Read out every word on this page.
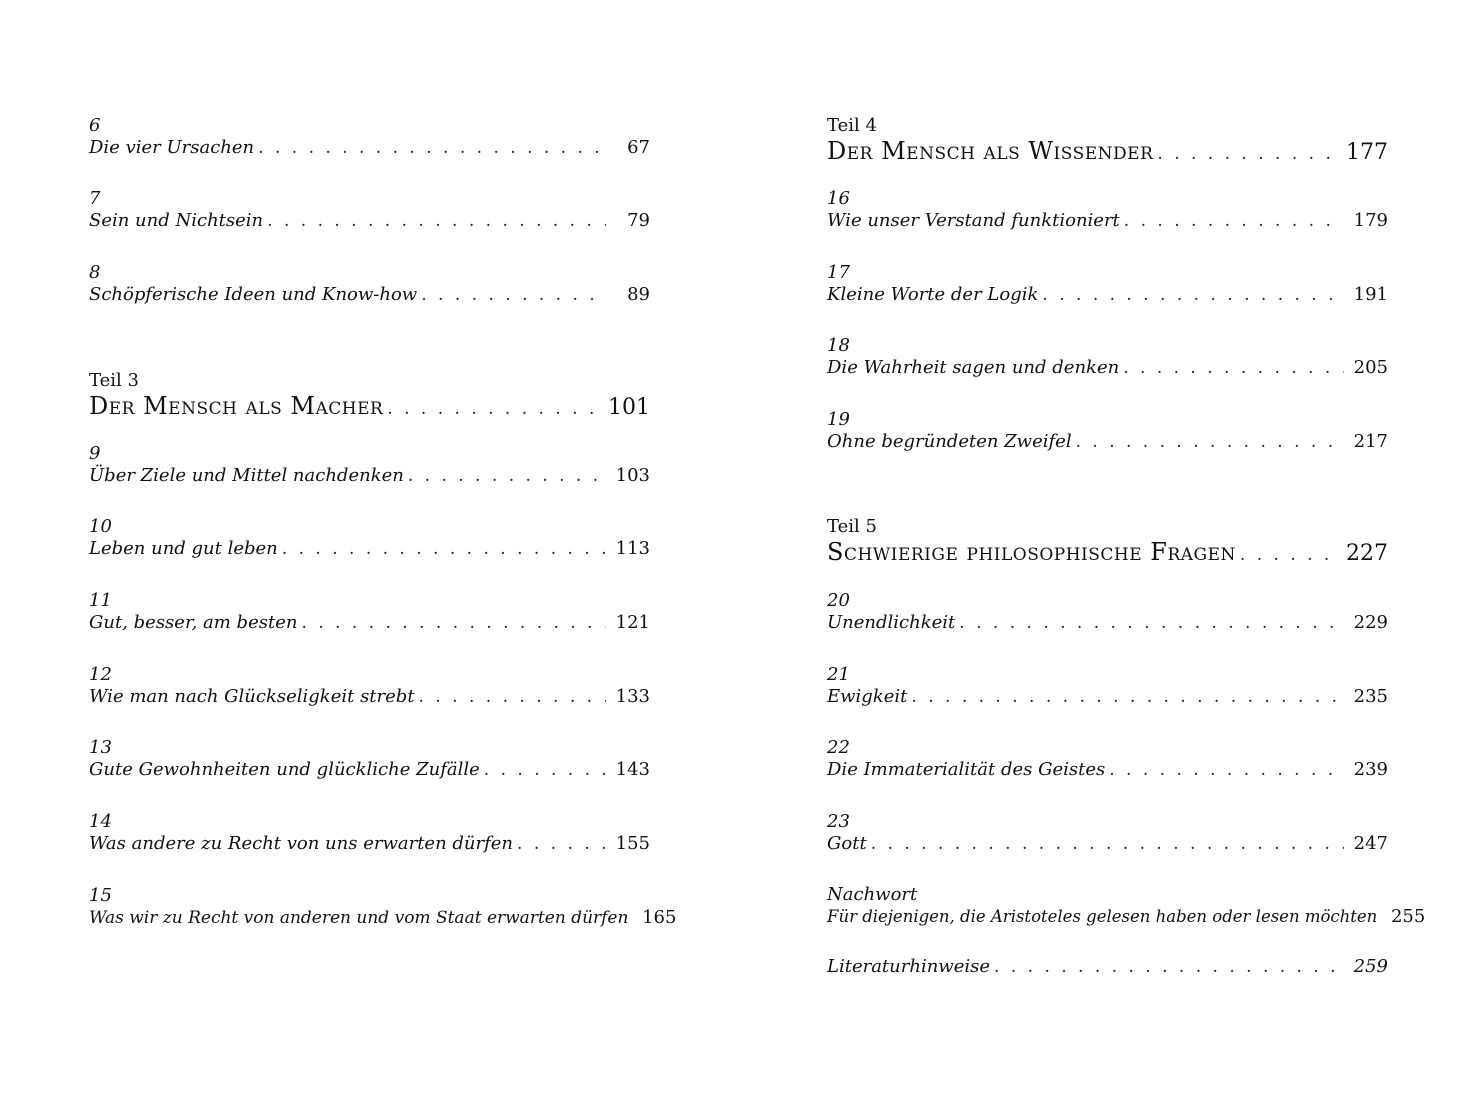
6
Die vier Ursachen . . .	67
7
Sein und Nichtsein . . .	79
8
Schöpferische Ideen und Know-how . . .	89
Teil 3
Der Mensch als Macher . . .	101
9
Über Ziele und Mittel nachdenken . . .	103
10
Leben und gut leben . . .	113
11
Gut, besser, am besten . . .	121
12
Wie man nach Glückseligkeit strebt . . .	133
13
Gute Gewohnheiten und glückliche Zufälle . . .	143
14
Was andere zu Recht von uns erwarten dürfen . . .	155
15
Was wir zu Recht von anderen und vom Staat erwarten dürfen 165
Teil 4
Der Mensch als Wissender . . .	177
16
Wie unser Verstand funktioniert . . .	179
17
Kleine Worte der Logik . . .	191
18
Die Wahrheit sagen und denken . . .	205
19
Ohne begründeten Zweifel . . .	217
Teil 5
Schwierige philosophische Fragen . . .	227
20
Unendlichkeit . . .	229
21
Ewigkeit . . .	235
22
Die Immaterialität des Geistes . . .	239
23
Gott . . .	247
Nachwort
Für diejenigen, die Aristoteles gelesen haben oder lesen möchten 255
Literaturhinweise . . .	259
